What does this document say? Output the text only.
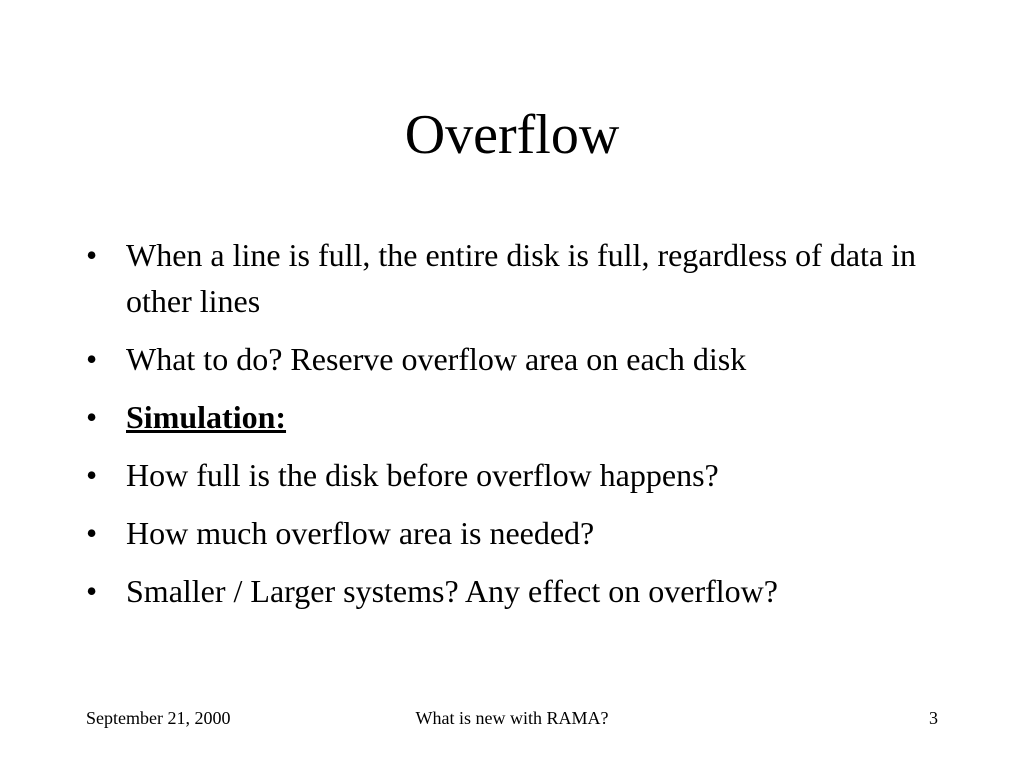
Overflow
• When a line is full, the entire disk is full, regardless of data in other lines
• What to do? Reserve overflow area on each disk
• Simulation:
• How full is the disk before overflow happens?
• How much overflow area is needed?
• Smaller / Larger systems? Any effect on overflow?
September 21, 2000	What is new with RAMA?	3
